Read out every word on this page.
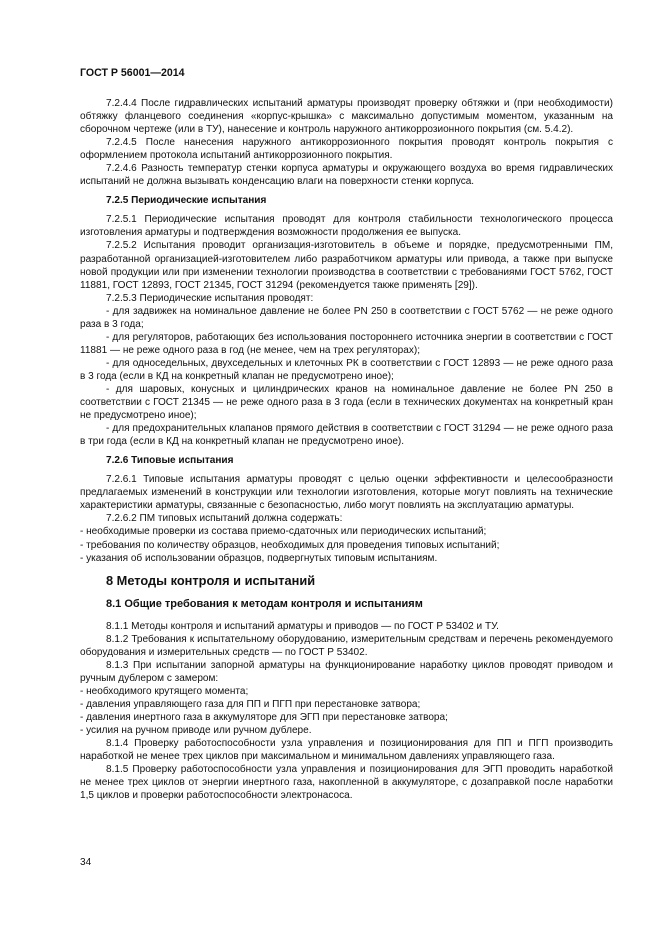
ГОСТ Р 56001—2014

7.2.4.4 После гидравлических испытаний арматуры производят проверку обтяжки и (при необходимости) обтяжку фланцевого соединения «корпус-крышка» с максимально допустимым моментом, указанным на сборочном чертеже (или в ТУ), нанесение и контроль наружного антикоррозионного покрытия (см. 5.4.2).

7.2.4.5 После нанесения наружного антикоррозионного покрытия проводят контроль покрытия с оформлением протокола испытаний антикоррозионного покрытия.

7.2.4.6 Разность температур стенки корпуса арматуры и окружающего воздуха во время гидравлических испытаний не должна вызывать конденсацию влаги на поверхности стенки корпуса.

7.2.5 Периодические испытания

7.2.5.1 Периодические испытания проводят для контроля стабильности технологического процесса изготовления арматуры и подтверждения возможности продолжения ее выпуска.

7.2.5.2 Испытания проводит организация-изготовитель в объеме и порядке, предусмотренными ПМ, разработанной организацией-изготовителем либо разработчиком арматуры или привода, а также при выпуске новой продукции или при изменении технологии производства в соответствии с требованиями ГОСТ 5762, ГОСТ 11881, ГОСТ 12893, ГОСТ 21345, ГОСТ 31294 (рекомендуется также применять [29]).

7.2.5.3 Периодические испытания проводят:

- для задвижек на номинальное давление не более PN 250 в соответствии с ГОСТ 5762 — не реже одного раза в 3 года;

- для регуляторов, работающих без использования постороннего источника энергии в соответствии с ГОСТ 11881 — не реже одного раза в год (не менее, чем на трех регуляторах);

- для односедельных, двухседельных и клеточных РК в соответствии с ГОСТ 12893 — не реже одного раза в 3 года (если в КД на конкретный клапан не предусмотрено иное);

- для шаровых, конусных и цилиндрических кранов на номинальное давление не более PN 250 в соответствии с ГОСТ 21345 — не реже одного раза в 3 года (если в технических документах на конкретный кран не предусмотрено иное);

- для предохранительных клапанов прямого действия в соответствии с ГОСТ 31294 — не реже одного раза в три года (если в КД на конкретный клапан не предусмотрено иное).

7.2.6 Типовые испытания

7.2.6.1 Типовые испытания арматуры проводят с целью оценки эффективности и целесообразности предлагаемых изменений в конструкции или технологии изготовления, которые могут повлиять на технические характеристики арматуры, связанные с безопасностью, либо могут повлиять на эксплуатацию арматуры.

7.2.6.2 ПМ типовых испытаний должна содержать:

- необходимые проверки из состава приемо-сдаточных или периодических испытаний;

- требования по количеству образцов, необходимых для проведения типовых испытаний;

- указания об использовании образцов, подвергнутых типовым испытаниям.

8 Методы контроля и испытаний

8.1 Общие требования к методам контроля и испытаниям

8.1.1 Методы контроля и испытаний арматуры и приводов — по ГОСТ Р 53402 и ТУ.

8.1.2 Требования к испытательному оборудованию, измерительным средствам и перечень рекомендуемого оборудования и измерительных средств — по ГОСТ Р 53402.

8.1.3 При испытании запорной арматуры на функционирование наработку циклов проводят приводом и ручным дублером с замером:

- необходимого крутящего момента;

- давления управляющего газа для ПП и ПГП при перестановке затвора;

- давления инертного газа в аккумуляторе для ЭГП при перестановке затвора;

- усилия на ручном приводе или ручном дублере.

8.1.4 Проверку работоспособности узла управления и позиционирования для ПП и ПГП производить наработкой не менее трех циклов при максимальном и минимальном давлениях управляющего газа.

8.1.5 Проверку работоспособности узла управления и позиционирования для ЭГП проводить наработкой не менее трех циклов от энергии инертного газа, накопленной в аккумуляторе, с дозаправкой после наработки 1,5 циклов и проверки работоспособности электронасоса.

34
